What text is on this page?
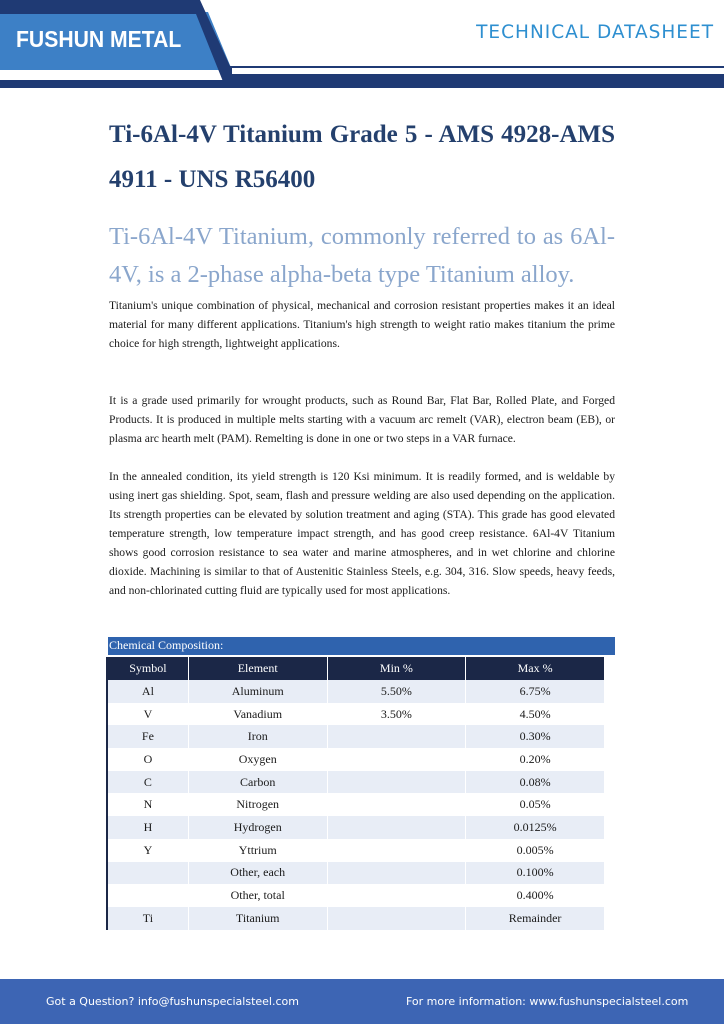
FUSHUN METAL	TECHNICAL DATASHEET
Ti-6Al-4V Titanium Grade 5 - AMS 4928-AMS 4911 - UNS R56400

Ti-6Al-4V Titanium, commonly referred to as 6Al-4V, is a 2-phase alpha-beta type Titanium alloy.

Titanium's unique combination of physical, mechanical and corrosion resistant properties makes it an ideal material for many different applications. Titanium's high strength to weight ratio makes titanium the prime choice for high strength, lightweight applications.

It is a grade used primarily for wrought products, such as Round Bar, Flat Bar, Rolled Plate, and Forged Products. It is produced in multiple melts starting with a vacuum arc remelt (VAR), electron beam (EB), or plasma arc hearth melt (PAM). Remelting is done in one or two steps in a VAR furnace.

In the annealed condition, its yield strength is 120 Ksi minimum. It is readily formed, and is weldable by using inert gas shielding. Spot, seam, flash and pressure welding are also used depending on the application. Its strength properties can be elevated by solution treatment and aging (STA). This grade has good elevated temperature strength, low temperature impact strength, and has good creep resistance. 6Al-4V Titanium shows good corrosion resistance to sea water and marine atmospheres, and in wet chlorine and chlorine dioxide. Machining is similar to that of Austenitic Stainless Steels, e.g. 304, 316. Slow speeds, heavy feeds, and non-chlorinated cutting fluid are typically used for most applications.

Chemical Composition:
Symbol	Element	Min %	Max %
Al	Aluminum	5.50%	6.75%
V	Vanadium	3.50%	4.50%
Fe	Iron		0.30%
O	Oxygen		0.20%
C	Carbon		0.08%
N	Nitrogen		0.05%
H	Hydrogen		0.0125%
Y	Yttrium		0.005%
	Other, each		0.100%
	Other, total		0.400%
Ti	Titanium		Remainder
Got a Question? info@fushunspecialsteel.com	For more information: www.fushunspecialsteel.com
